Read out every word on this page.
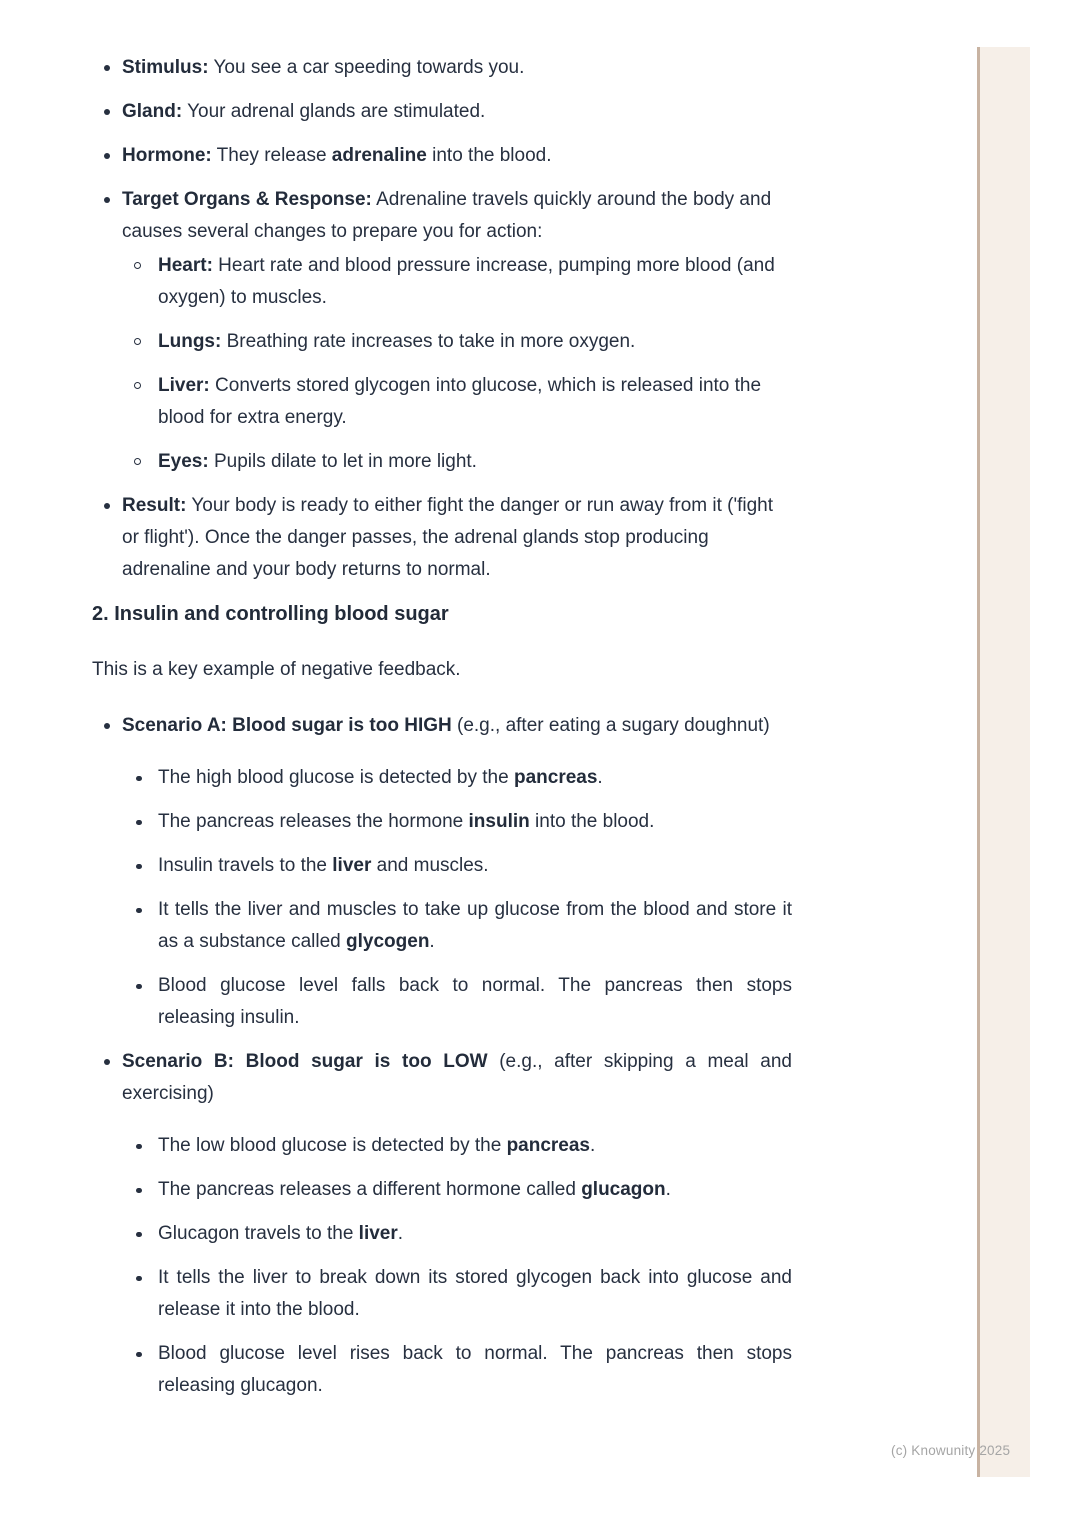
Stimulus: You see a car speeding towards you.
Gland: Your adrenal glands are stimulated.
Hormone: They release adrenaline into the blood.
Target Organs & Response: Adrenaline travels quickly around the body and causes several changes to prepare you for action:
Heart: Heart rate and blood pressure increase, pumping more blood (and oxygen) to muscles.
Lungs: Breathing rate increases to take in more oxygen.
Liver: Converts stored glycogen into glucose, which is released into the blood for extra energy.
Eyes: Pupils dilate to let in more light.
Result: Your body is ready to either fight the danger or run away from it ('fight or flight'). Once the danger passes, the adrenal glands stop producing adrenaline and your body returns to normal.
2. Insulin and controlling blood sugar

This is a key example of negative feedback.

Scenario A: Blood sugar is too HIGH (e.g., after eating a sugary doughnut)
The high blood glucose is detected by the pancreas.
The pancreas releases the hormone insulin into the blood.
Insulin travels to the liver and muscles.
It tells the liver and muscles to take up glucose from the blood and store it as a substance called glycogen.
Blood glucose level falls back to normal. The pancreas then stops releasing insulin.
Scenario B: Blood sugar is too LOW (e.g., after skipping a meal and exercising)
The low blood glucose is detected by the pancreas.
The pancreas releases a different hormone called glucagon.
Glucagon travels to the liver.
It tells the liver to break down its stored glycogen back into glucose and release it into the blood.
Blood glucose level rises back to normal. The pancreas then stops releasing glucagon.
(c) Knowunity 2025
